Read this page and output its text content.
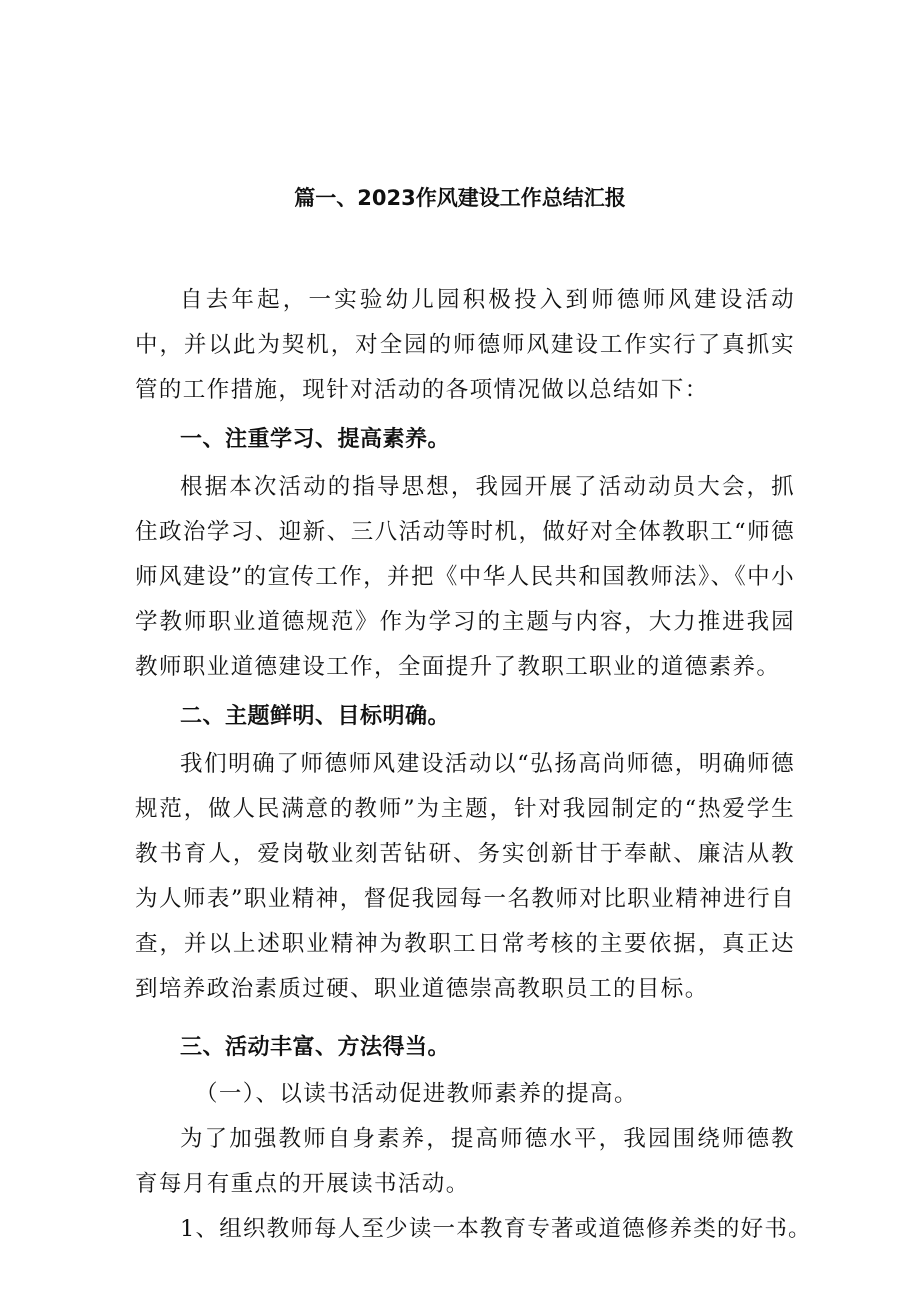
篇一、2023作风建设工作总结汇报

自去年起，一实验幼儿园积极投入到师德师风建设活动中，并以此为契机，对全园的师德师风建设工作实行了真抓实管的工作措施，现针对活动的各项情况做以总结如下：

一、注重学习、提高素养。

根据本次活动的指导思想，我园开展了活动动员大会，抓住政治学习、迎新、三八活动等时机，做好对全体教职工“师德师风建设”的宣传工作，并把《中华人民共和国教师法》、《中小学教师职业道德规范》作为学习的主题与内容，大力推进我园教师职业道德建设工作，全面提升了教职工职业的道德素养。

二、主题鲜明、目标明确。

我们明确了师德师风建设活动以“弘扬高尚师德，明确师德规范，做人民满意的教师”为主题，针对我园制定的“热爱学生教书育人，爱岗敬业刻苦钻研、务实创新甘于奉献、廉洁从教为人师表”职业精神，督促我园每一名教师对比职业精神进行自查，并以上述职业精神为教职工日常考核的主要依据，真正达到培养政治素质过硬、职业道德崇高教职员工的目标。

三、活动丰富、方法得当。

（一）、以读书活动促进教师素养的提高。

为了加强教师自身素养，提高师德水平，我园围绕师德教育每月有重点的开展读书活动。

1、组织教师每人至少读一本教育专著或道德修养类的好书。
